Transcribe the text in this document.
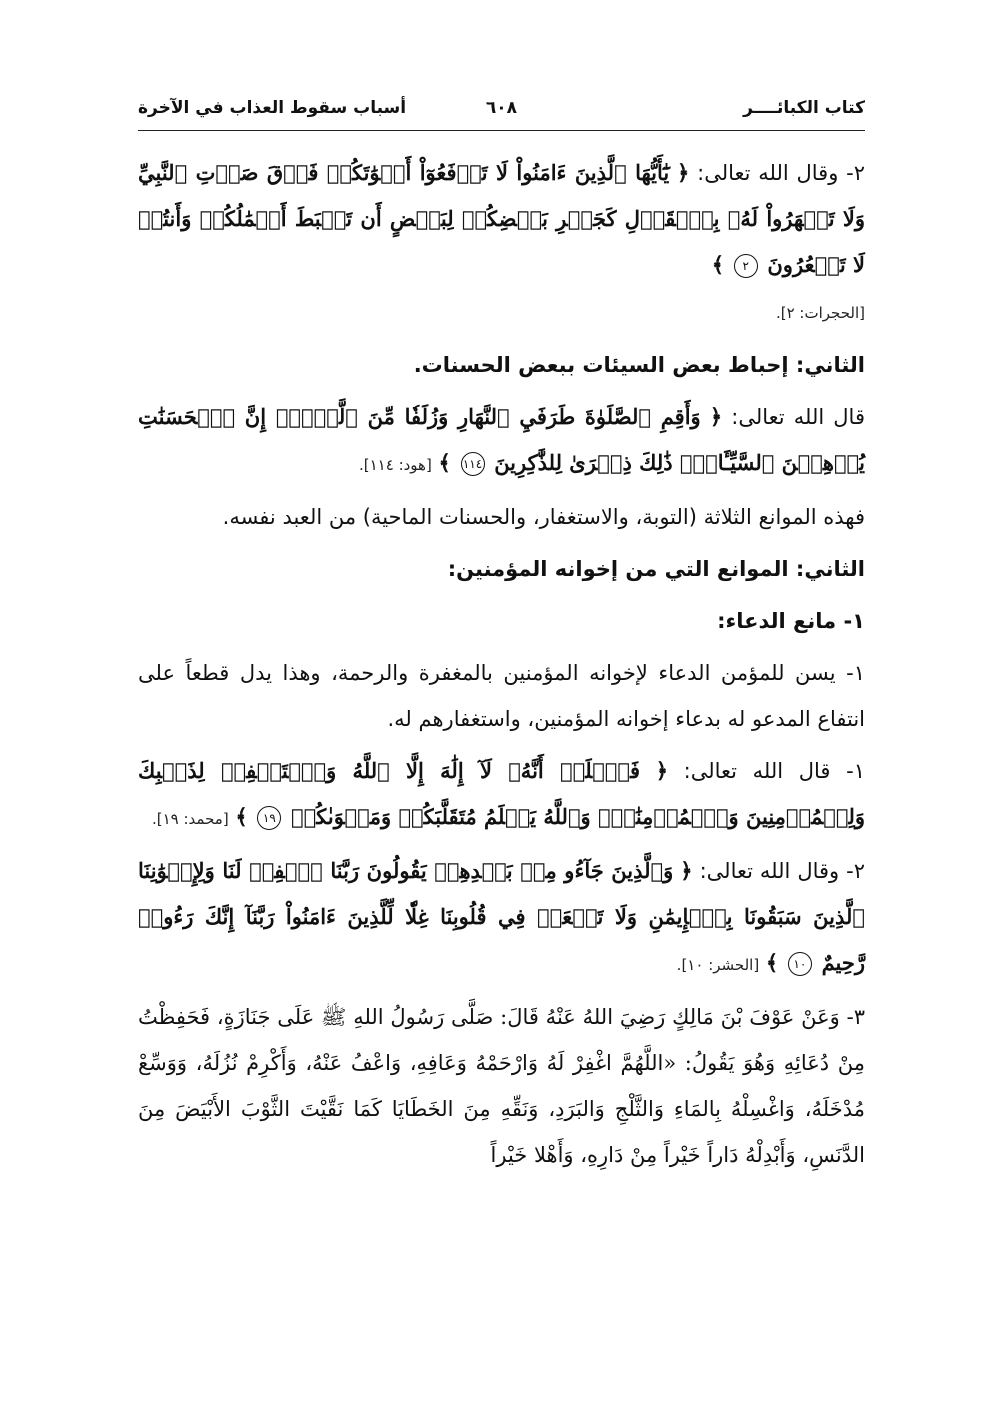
كتاب الكبائــــر
٦٠٨
أسباب سقوط العذاب في الآخرة

٢- وقال الله تعالى: ﴿ يَٰٓأَيُّهَا ٱلَّذِينَ ءَامَنُواْ لَا تَرۡفَعُوٓاْ أَصۡوَٰتَكُمۡ فَوۡقَ صَوۡتِ ٱلنَّبِيِّ وَلَا تَجۡهَرُواْ لَهُۥ بِٱلۡقَوۡلِ كَجَهۡرِ بَعۡضِكُمۡ لِبَعۡضٍ أَن تَحۡبَطَ أَعۡمَٰلُكُمۡ وَأَنتُمۡ لَا تَشۡعُرُونَ ٢ ﴾
[الحجرات: ٢].

الثاني: إحباط بعض السيئات ببعض الحسنات.

قال الله تعالى: ﴿ وَأَقِمِ ٱلصَّلَوٰةَ طَرَفَيِ ٱلنَّهَارِ وَزُلَفٗا مِّنَ ٱلَّيۡلِۚ إِنَّ ٱلۡحَسَنَٰتِ يُذۡهِبۡنَ ٱلسَّيِّـَٔاتِۚ ذَٰلِكَ ذِكۡرَىٰ لِلذَّٰكِرِينَ ١١٤ ﴾ [هود: ١١٤].

فهذه الموانع الثلاثة (التوبة، والاستغفار، والحسنات الماحية) من العبد نفسه.

الثاني: الموانع التي من إخوانه المؤمنين:

١- مانع الدعاء:

١- يسن للمؤمن الدعاء لإخوانه المؤمنين بالمغفرة والرحمة، وهذا يدل قطعاً على انتفاع المدعو له بدعاء إخوانه المؤمنين، واستغفارهم له.

١- قال الله تعالى: ﴿ فَٱعۡلَمۡ أَنَّهُۥ لَآ إِلَٰهَ إِلَّا ٱللَّهُ وَٱسۡتَغۡفِرۡ لِذَنۢبِكَ وَلِلۡمُؤۡمِنِينَ وَٱلۡمُؤۡمِنَٰتِۗ وَٱللَّهُ يَعۡلَمُ مُتَقَلَّبَكُمۡ وَمَثۡوَىٰكُمۡ ١٩ ﴾ [محمد: ١٩].

٢- وقال الله تعالى: ﴿ وَٱلَّذِينَ جَآءُو مِنۢ بَعۡدِهِمۡ يَقُولُونَ رَبَّنَا ٱغۡفِرۡ لَنَا وَلِإِخۡوَٰنِنَا ٱلَّذِينَ سَبَقُونَا بِٱلۡإِيمَٰنِ وَلَا تَجۡعَلۡ فِي قُلُوبِنَا غِلّٗا لِّلَّذِينَ ءَامَنُواْ رَبَّنَآ إِنَّكَ رَءُوفٞ رَّحِيمٌ ١٠ ﴾ [الحشر: ١٠].

٣- وَعَنْ عَوْفَ بْنَ مَالِكٍ رَضِيَ اللهُ عَنْهُ قَالَ: صَلَّى رَسُولُ اللهِ ﷺ عَلَى جَنَازَةٍ، فَحَفِظْتُ مِنْ دُعَائِهِ وَهُوَ يَقُولُ: «اللَّهُمَّ اغْفِرْ لَهُ وَارْحَمْهُ وَعَافِهِ، وَاعْفُ عَنْهُ، وَأَكْرِمْ نُزُلَهُ، وَوَسِّعْ مُدْخَلَهُ، وَاغْسِلْهُ بِالمَاءِ وَالثَّلْجِ وَالبَرَدِ، وَنَقِّهِ مِنَ الخَطَايَا كَمَا نَقَّيْتَ الثَّوْبَ الأَبْيَضَ مِنَ الدَّنَسِ، وَأَبْدِلْهُ دَاراً خَيْراً مِنْ دَارِهِ، وَأَهْلا خَيْراً
